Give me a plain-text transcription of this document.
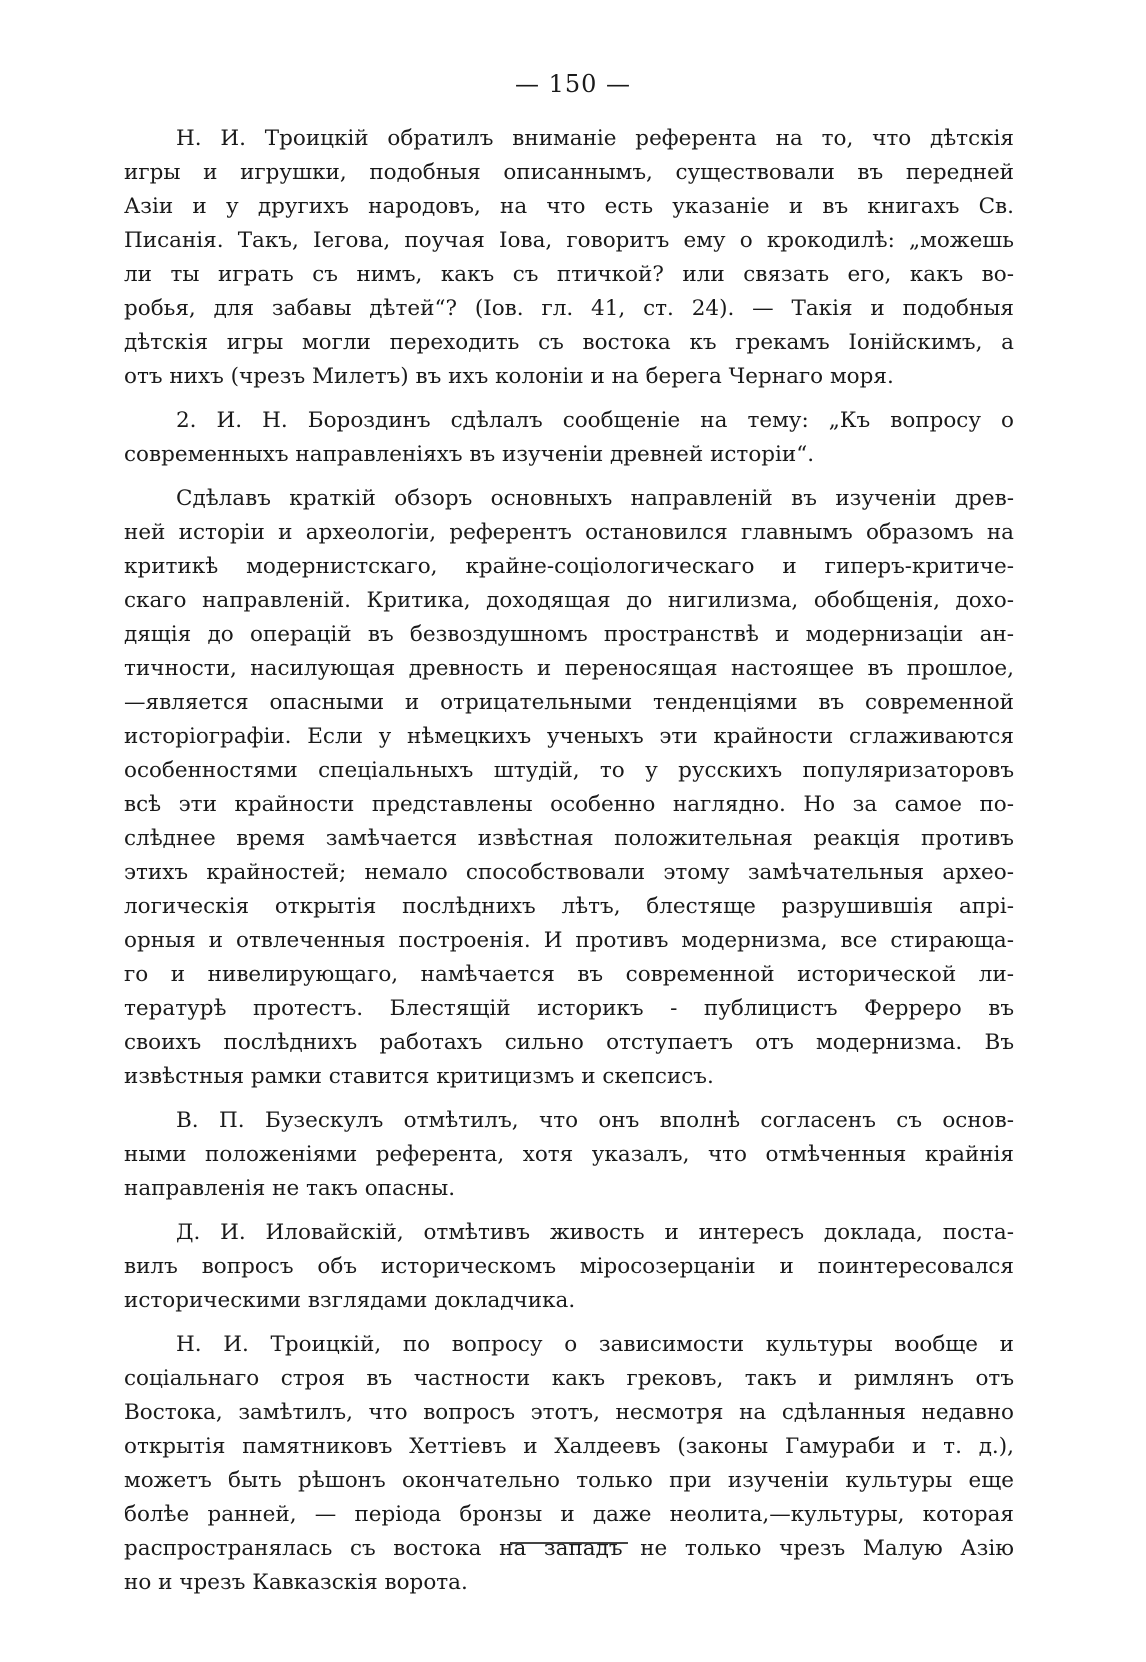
— 150 —
Н. И. Троицкій обратилъ вниманіе референта на то, что дѣтскія
игры и игрушки, подобныя описаннымъ, существовали въ передней
Азіи и у другихъ народовъ, на что есть указаніе и въ книгахъ Св.
Писанія. Такъ, Іегова, поучая Іова, говоритъ ему о крокодилѣ: „можешь
ли ты играть съ нимъ, какъ съ птичкой? или связать его, какъ во-
робья, для забавы дѣтей“? (Іов. гл. 41, ст. 24). — Такія и подобныя
дѣтскія игры могли переходить съ востока къ грекамъ Іонійскимъ, а
отъ нихъ (чрезъ Милетъ) въ ихъ колоніи и на берега Чернаго моря.
2. И. Н. Бороздинъ сдѣлалъ сообщеніе на тему: „Къ вопросу о
современныхъ направленіяхъ въ изученіи древней исторіи“.
Сдѣлавъ краткій обзоръ основныхъ направленій въ изученіи древ-
ней исторіи и археологіи, референтъ остановился главнымъ образомъ на
критикѣ модернистскаго, крайне-соціологическаго и гиперъ-критиче-
скаго направленій. Критика, доходящая до нигилизма, обобщенія, дохо-
дящія до операцій въ безвоздушномъ пространствѣ и модернизаціи ан-
тичности, насилующая древность и переносящая настоящее въ прошлое,
—является опасными и отрицательными тенденціями въ современной
исторіографіи. Если у нѣмецкихъ ученыхъ эти крайности сглаживаются
особенностями спеціальныхъ штудій, то у русскихъ популяризаторовъ
всѣ эти крайности представлены особенно наглядно. Но за самое по-
слѣднее время замѣчается извѣстная положительная реакція противъ
этихъ крайностей; немало способствовали этому замѣчательныя архео-
логическія открытія послѣднихъ лѣтъ, блестяще разрушившія апрі-
орныя и отвлеченныя построенія. И противъ модернизма, все стирающа-
го и нивелирующаго, намѣчается въ современной исторической ли-
тературѣ протестъ. Блестящій историкъ - публицистъ Ферреро въ
своихъ послѣднихъ работахъ сильно отступаетъ отъ модернизма. Въ
извѣстныя рамки ставится критицизмъ и скепсисъ.
В. П. Бузескулъ отмѣтилъ, что онъ вполнѣ согласенъ съ основ-
ными положеніями референта, хотя указалъ, что отмѣченныя крайнія
направленія не такъ опасны.
Д. И. Иловайскій, отмѣтивъ живость и интересъ доклада, поста-
вилъ вопросъ объ историческомъ міросозерцаніи и поинтересовался
историческими взглядами докладчика.
Н. И. Троицкій, по вопросу о зависимости культуры вообще и
соціальнаго строя въ частности какъ грековъ, такъ и римлянъ отъ
Востока, замѣтилъ, что вопросъ этотъ, несмотря на сдѣланныя недавно
открытія памятниковъ Хеттіевъ и Халдеевъ (законы Гамураби и т. д.),
можетъ быть рѣшонъ окончательно только при изученіи культуры еще
болѣе ранней, — періода бронзы и даже неолита,—культуры, которая
распространялась съ востока на западъ не только чрезъ Малую Азію
но и чрезъ Кавказскія ворота.
